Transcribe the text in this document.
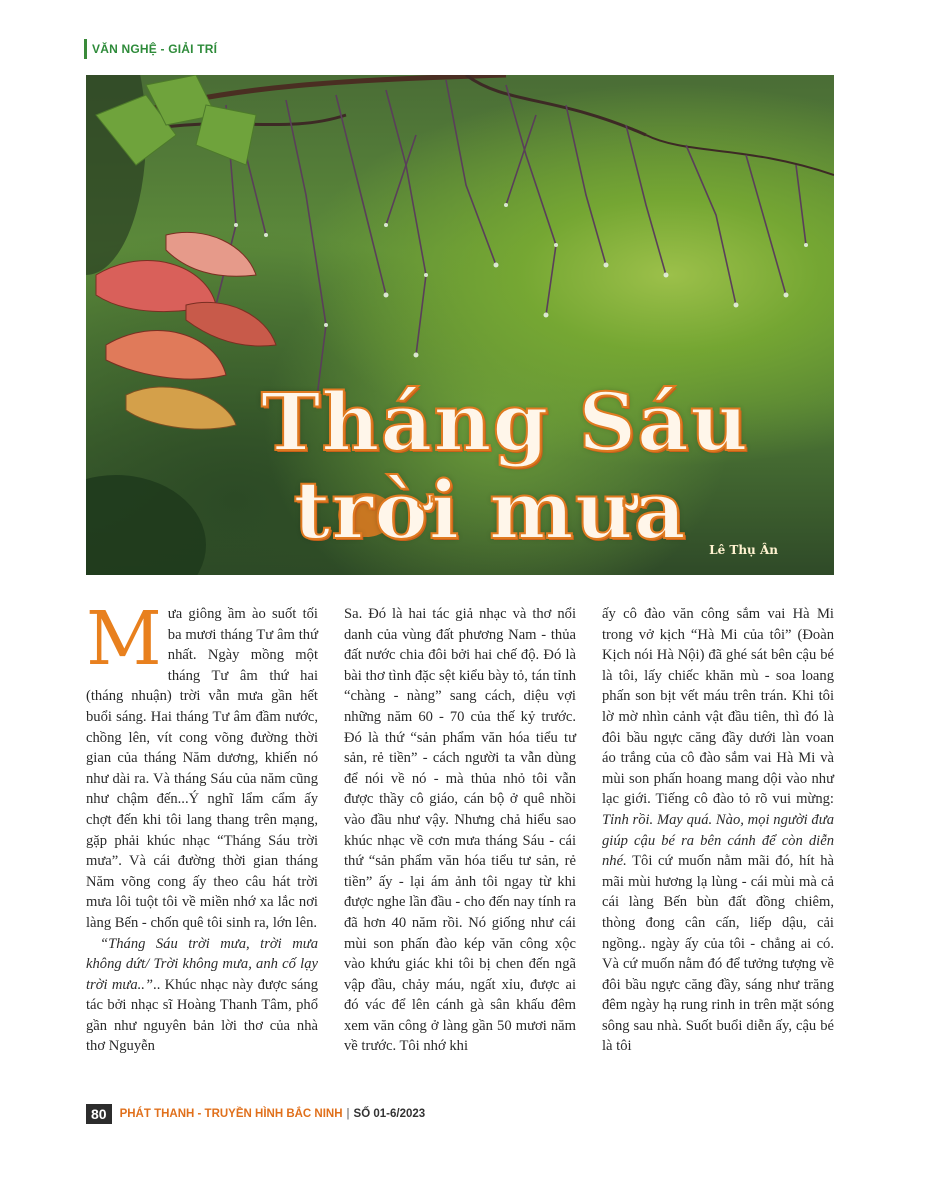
VĂN NGHỆ - GIẢI TRÍ
Tháng Sáu
trời mưa	Lê Thụ Ân

Mưa giông ầm ào suốt tối ba mươi tháng Tư âm thứ nhất. Ngày mồng một tháng Tư âm thứ hai (tháng nhuận) trời vẫn mưa gần hết buổi sáng. Hai tháng Tư âm đầm nước, chồng lên, vít cong võng đường thời gian của tháng Năm dương, khiến nó như dài ra. Và tháng Sáu của năm cũng như chậm đến...Ý nghĩ lẩm cẩm ấy chợt đến khi tôi lang thang trên mạng, gặp phải khúc nhạc “Tháng Sáu trời mưa”. Và cái đường thời gian tháng Năm võng cong ấy theo câu hát trời mưa lôi tuột tôi về miền nhớ xa lắc nơi làng Bến - chốn quê tôi sinh ra, lớn lên.

“Tháng Sáu trời mưa, trời mưa không dứt/ Trời không mưa, anh cố lạy trời mưa..”.. Khúc nhạc này được sáng tác bởi nhạc sĩ Hoàng Thanh Tâm, phổ gần như nguyên bản lời thơ của nhà thơ Nguyễn

Sa. Đó là hai tác giả nhạc và thơ nổi danh của vùng đất phương Nam - thủa đất nước chia đôi bởi hai chế độ. Đó là bài thơ tình đặc sệt kiểu bày tỏ, tán tỉnh “chàng - nàng” sang cách, diệu vợi những năm 60 - 70 của thế kỷ trước. Đó là thứ “sản phẩm văn hóa tiểu tư sản, rẻ tiền” - cách người ta vẫn dùng để nói về nó - mà thủa nhỏ tôi vẫn được thầy cô giáo, cán bộ ở quê nhồi vào đầu như vậy. Nhưng chả hiểu sao khúc nhạc về cơn mưa tháng Sáu - cái thứ “sản phẩm văn hóa tiểu tư sản, rẻ tiền” ấy - lại ám ảnh tôi ngay từ khi được nghe lần đầu - cho đến nay tính ra đã hơn 40 năm rồi. Nó giống như cái mùi son phấn đào kép văn công xộc vào khứu giác khi tôi bị chen đến ngã vập đầu, chảy máu, ngất xỉu, được ai đó vác để lên cánh gà sân khấu đêm xem văn công ở làng gần 50 mươi năm về trước. Tôi nhớ khi

ấy cô đào văn công sắm vai Hà Mi trong vở kịch “Hà Mi của tôi” (Đoàn Kịch nói Hà Nội) đã ghé sát bên cậu bé là tôi, lấy chiếc khăn mù - soa loang phấn son bịt vết máu trên trán. Khi tôi lờ mờ nhìn cảnh vật đầu tiên, thì đó là đôi bầu ngực căng đầy dưới làn voan áo trắng của cô đào sắm vai Hà Mi và mùi son phấn hoang mang dội vào như lạc giới. Tiếng cô đào tỏ rõ vui mừng: Tỉnh rồi. May quá. Nào, mọi người đưa giúp cậu bé ra bên cánh để còn diễn nhé. Tôi cứ muốn nằm mãi đó, hít hà mãi mùi hương lạ lùng - cái mùi mà cả cái làng Bến bùn đất đồng chiêm, thòng đong cân cấn, liếp dậu, cải ngồng.. ngày ấy của tôi - chẳng ai có. Và cứ muốn nằm đó để tưởng tượng về đôi bầu ngực căng đầy, sáng như trăng đêm ngày hạ rung rinh in trên mặt sóng sông sau nhà. Suốt buổi diễn ấy, cậu bé là tôi

80	PHÁT THANH - TRUYỀN HÌNH BẮC NINH | SỐ 01-6/2023
